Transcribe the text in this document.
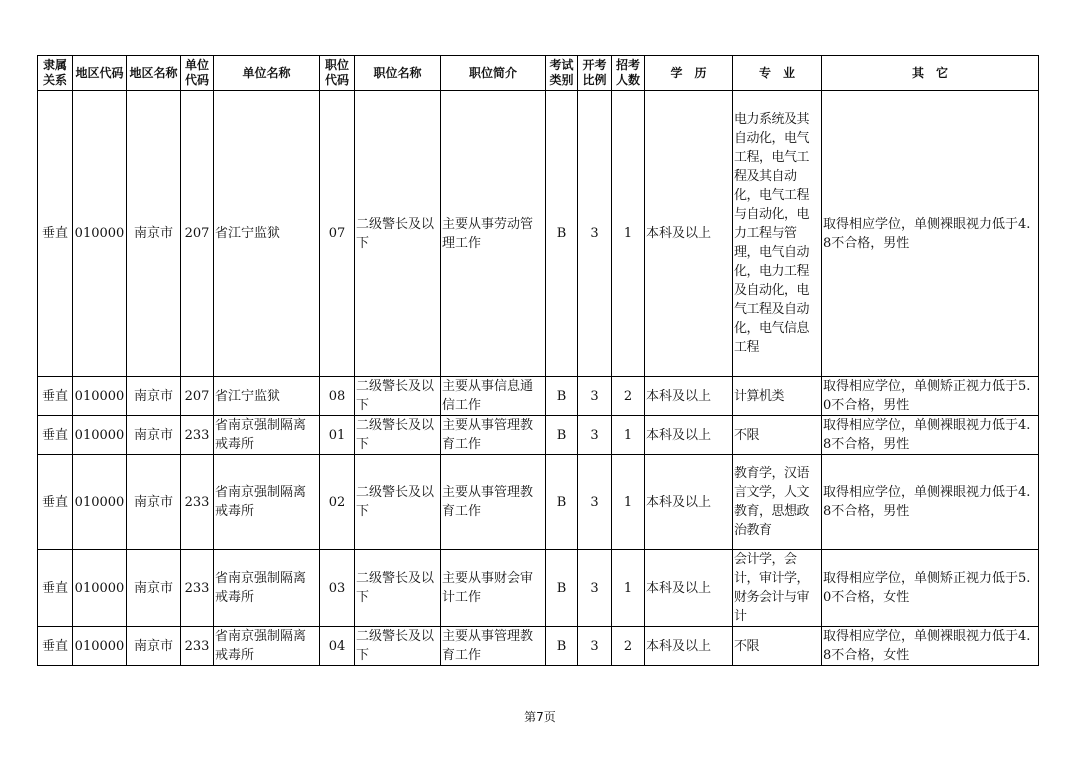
隶属关系	地区代码	地区名称	单位代码	单位名称	职位代码	职位名称	职位简介	考试类别	开考比例	招考人数	学　历	专　业	其　它
垂直	010000	南京市	207	省江宁监狱	07	二级警长及以下	主要从事劳动管理工作	B	3	1	本科及以上	电力系统及其自动化，电气工程，电气工程及其自动化，电气工程与自动化，电力工程与管理，电气自动化，电力工程及自动化，电气工程及自动化，电气信息工程	取得相应学位，单侧裸眼视力低于4.8不合格，男性
垂直	010000	南京市	207	省江宁监狱	08	二级警长及以下	主要从事信息通信工作	B	3	2	本科及以上	计算机类	取得相应学位，单侧矫正视力低于5.0不合格，男性
垂直	010000	南京市	233	省南京强制隔离戒毒所	01	二级警长及以下	主要从事管理教育工作	B	3	1	本科及以上	不限	取得相应学位，单侧裸眼视力低于4.8不合格，男性
垂直	010000	南京市	233	省南京强制隔离戒毒所	02	二级警长及以下	主要从事管理教育工作	B	3	1	本科及以上	教育学，汉语言文学，人文教育，思想政治教育	取得相应学位，单侧裸眼视力低于4.8不合格，男性
垂直	010000	南京市	233	省南京强制隔离戒毒所	03	二级警长及以下	主要从事财会审计工作	B	3	1	本科及以上	会计学，会计，审计学，财务会计与审计	取得相应学位，单侧矫正视力低于5.0不合格，女性
垂直	010000	南京市	233	省南京强制隔离戒毒所	04	二级警长及以下	主要从事管理教育工作	B	3	2	本科及以上	不限	取得相应学位，单侧裸眼视力低于4.8不合格，女性
第7页
